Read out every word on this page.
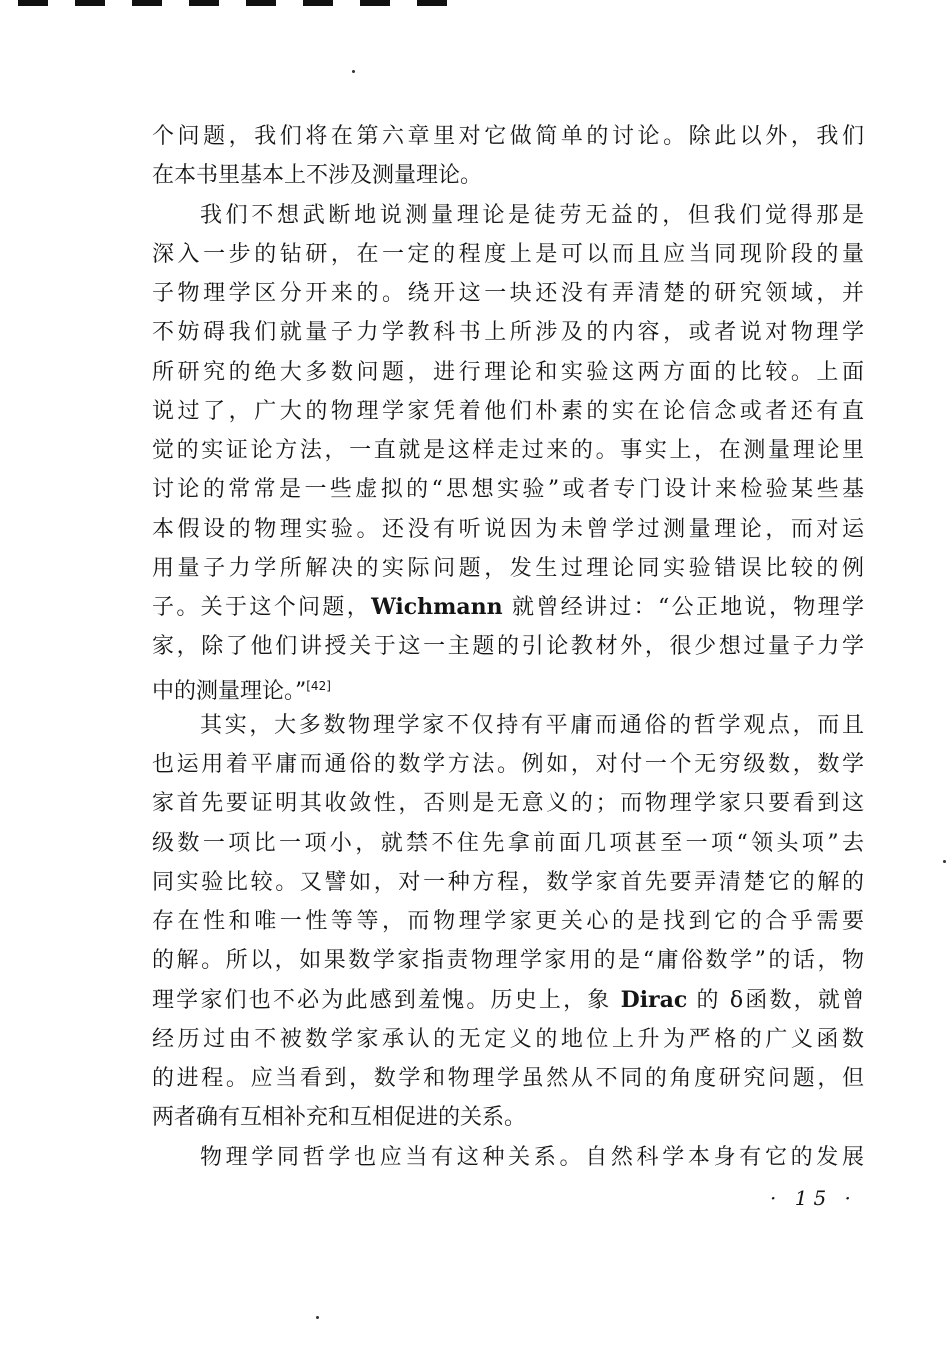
个问题，我们将在第六章里对它做简单的讨论。除此以外，我们
在本书里基本上不涉及测量理论。
我们不想武断地说测量理论是徒劳无益的，但我们觉得那是
深入一步的钻研，在一定的程度上是可以而且应当同现阶段的量
子物理学区分开来的。绕开这一块还没有弄清楚的研究领域，并
不妨碍我们就量子力学教科书上所涉及的内容，或者说对物理学
所研究的绝大多数问题，进行理论和实验这两方面的比较。上面
说过了，广大的物理学家凭着他们朴素的实在论信念或者还有直
觉的实证论方法，一直就是这样走过来的。事实上，在测量理论里
讨论的常常是一些虚拟的“思想实验”或者专门设计来检验某些基
本假设的物理实验。还没有听说因为未曾学过测量理论，而对运
用量子力学所解决的实际问题，发生过理论同实验错误比较的例
子。关于这个问题，Wichmann 就曾经讲过：“公正地说，物理学
家，除了他们讲授关于这一主题的引论教材外，很少想过量子力学
中的测量理论。”[42]
其实，大多数物理学家不仅持有平庸而通俗的哲学观点，而且
也运用着平庸而通俗的数学方法。例如，对付一个无穷级数，数学
家首先要证明其收敛性，否则是无意义的；而物理学家只要看到这
级数一项比一项小，就禁不住先拿前面几项甚至一项“领头项”去
同实验比较。又譬如，对一种方程，数学家首先要弄清楚它的解的
存在性和唯一性等等，而物理学家更关心的是找到它的合乎需要
的解。所以，如果数学家指责物理学家用的是“庸俗数学”的话，物
理学家们也不必为此感到羞愧。历史上，象 Dirac 的 δ函数，就曾
经历过由不被数学家承认的无定义的地位上升为严格的广义函数
的进程。应当看到，数学和物理学虽然从不同的角度研究问题，但
两者确有互相补充和互相促进的关系。
物理学同哲学也应当有这种关系。自然科学本身有它的发展
· 15 ·
